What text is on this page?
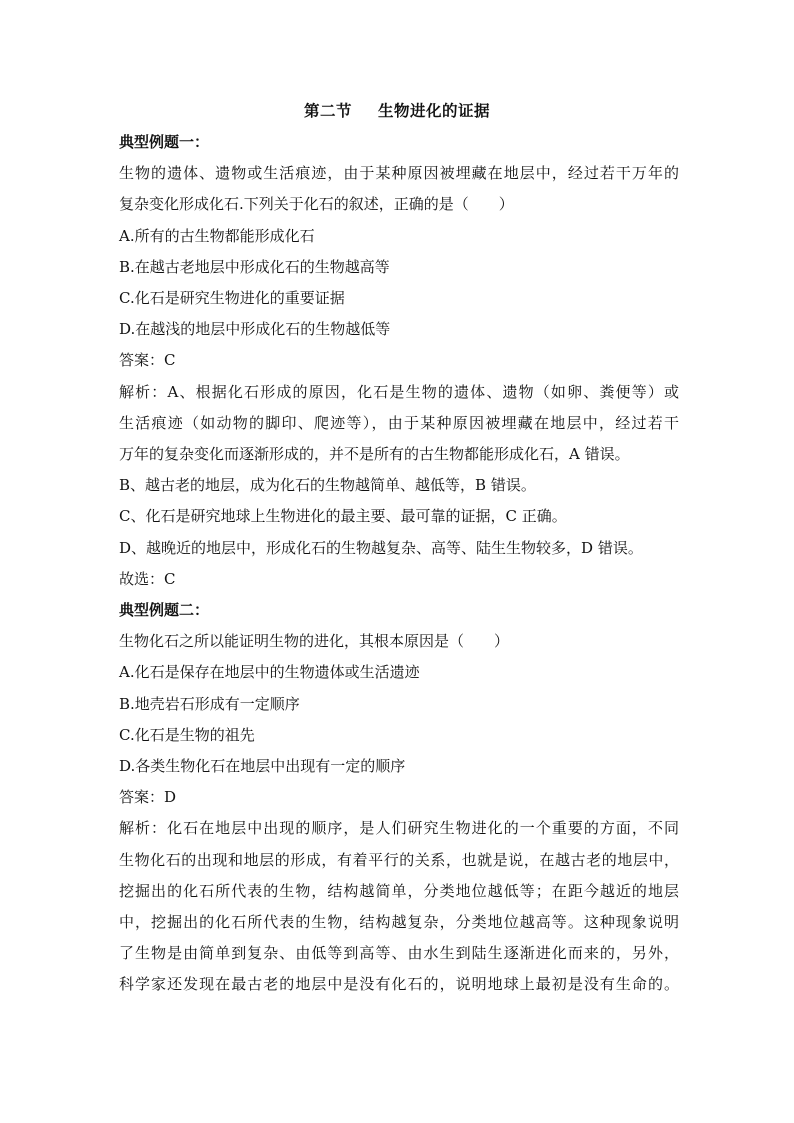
第二节 生物进化的证据
典型例题一：
生物的遗体、遗物或生活痕迹，由于某种原因被埋藏在地层中，经过若干万年的
复杂变化形成化石.下列关于化石的叙述，正确的是（　　）
A.所有的古生物都能形成化石
B.在越古老地层中形成化石的生物越高等
C.化石是研究生物进化的重要证据
D.在越浅的地层中形成化石的生物越低等
答案：C
解析：A、根据化石形成的原因，化石是生物的遗体、遗物（如卵、粪便等）或
生活痕迹（如动物的脚印、爬迹等），由于某种原因被埋藏在地层中，经过若干
万年的复杂变化而逐渐形成的，并不是所有的古生物都能形成化石，A 错误。
B、越古老的地层，成为化石的生物越简单、越低等，B 错误。
C、化石是研究地球上生物进化的最主要、最可靠的证据，C 正确。
D、越晚近的地层中，形成化石的生物越复杂、高等、陆生生物较多，D 错误。
故选：C
典型例题二：
生物化石之所以能证明生物的进化，其根本原因是（　　）
A.化石是保存在地层中的生物遗体或生活遗迹
B.地壳岩石形成有一定顺序
C.化石是生物的祖先
D.各类生物化石在地层中出现有一定的顺序
答案：D
解析：化石在地层中出现的顺序，是人们研究生物进化的一个重要的方面，不同
生物化石的出现和地层的形成，有着平行的关系，也就是说，在越古老的地层中，
挖掘出的化石所代表的生物，结构越简单，分类地位越低等；在距今越近的地层
中，挖掘出的化石所代表的生物，结构越复杂，分类地位越高等。这种现象说明
了生物是由简单到复杂、由低等到高等、由水生到陆生逐渐进化而来的，另外，
科学家还发现在最古老的地层中是没有化石的，说明地球上最初是没有生命的。
